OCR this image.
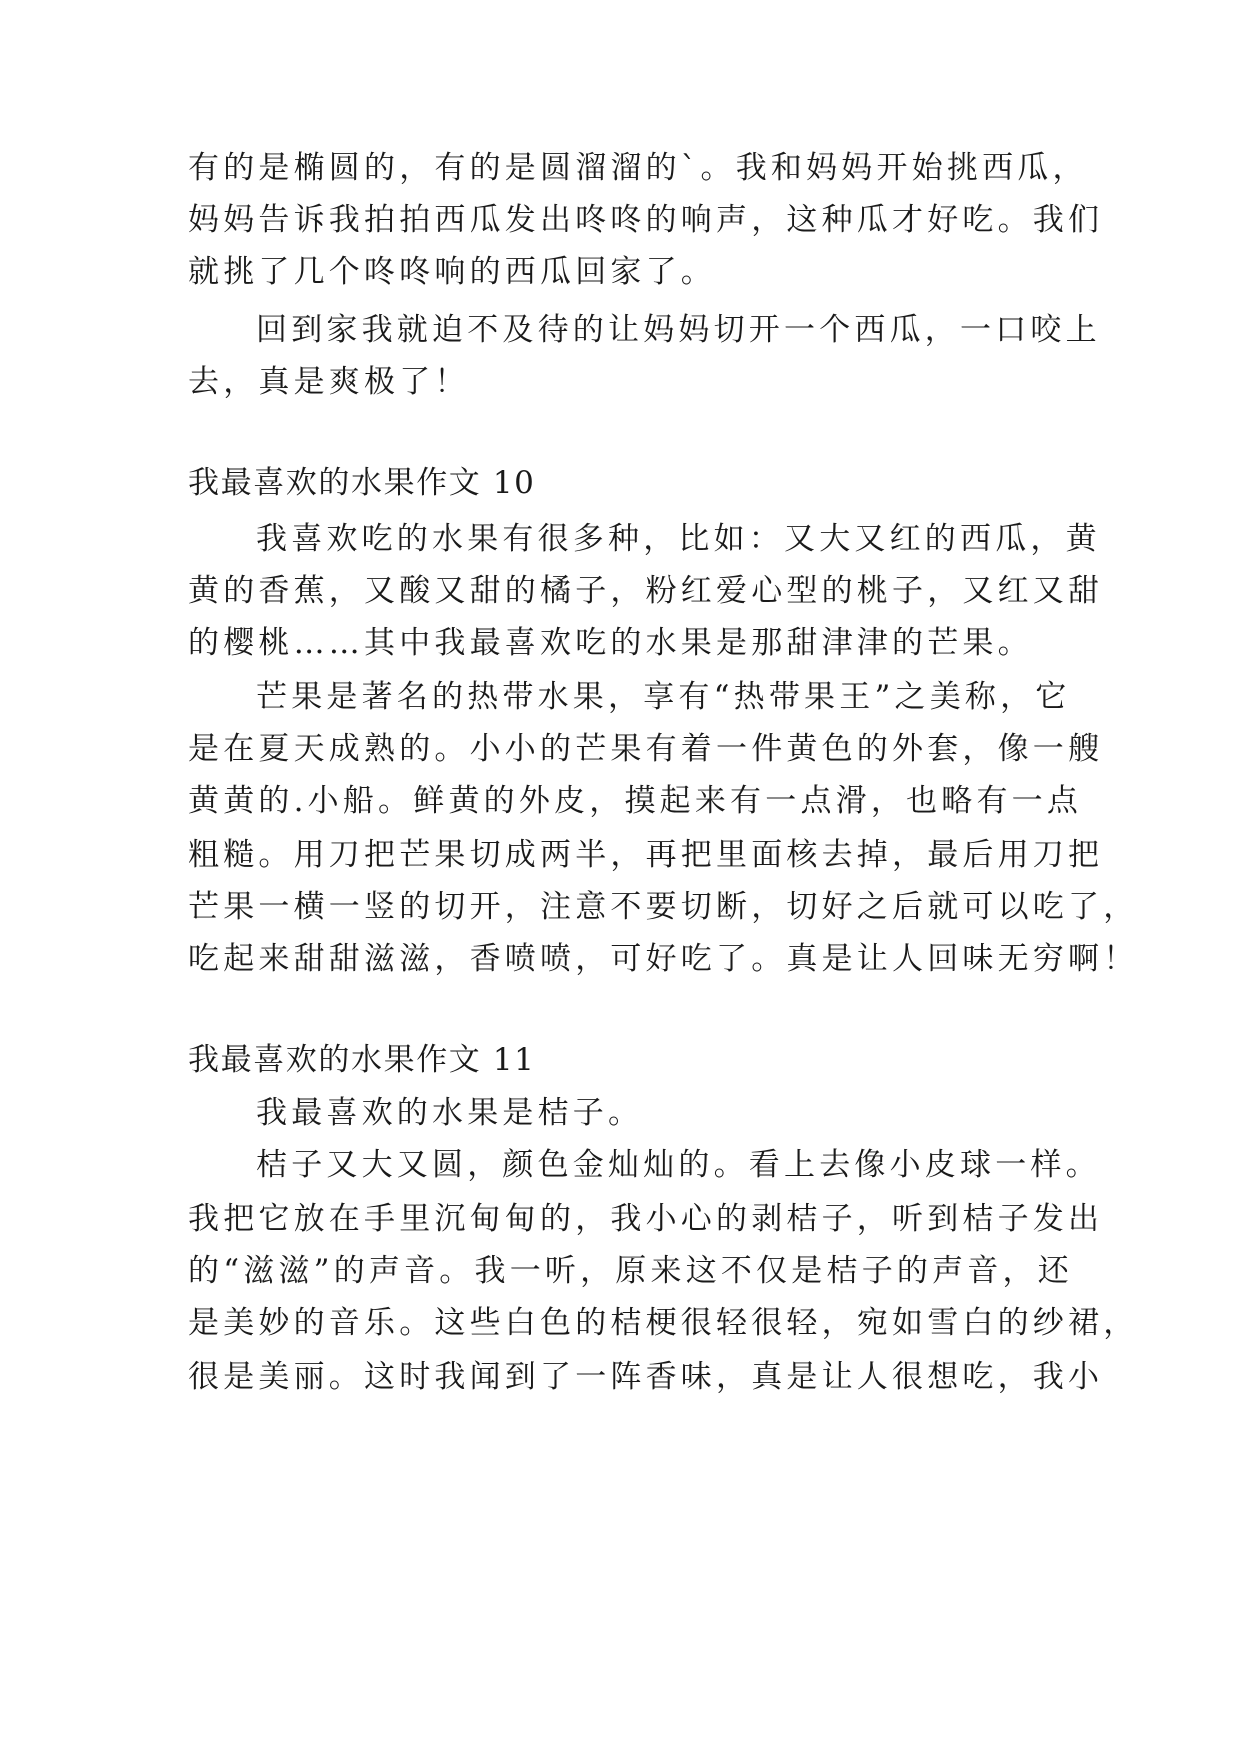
有的是椭圆的，有的是圆溜溜的`。我和妈妈开始挑西瓜，
妈妈告诉我拍拍西瓜发出咚咚的响声，这种瓜才好吃。我们
就挑了几个咚咚响的西瓜回家了。
回到家我就迫不及待的让妈妈切开一个西瓜，一口咬上
去，真是爽极了！
我最喜欢的水果作文 10
我喜欢吃的水果有很多种，比如：又大又红的西瓜，黄
黄的香蕉，又酸又甜的橘子，粉红爱心型的桃子，又红又甜
的樱桃……其中我最喜欢吃的水果是那甜津津的芒果。
芒果是著名的热带水果，享有“热带果王”之美称，它
是在夏天成熟的。小小的芒果有着一件黄色的外套，像一艘
黄黄的.小船。鲜黄的外皮，摸起来有一点滑，也略有一点
粗糙。用刀把芒果切成两半，再把里面核去掉，最后用刀把
芒果一横一竖的切开，注意不要切断，切好之后就可以吃了，
吃起来甜甜滋滋，香喷喷，可好吃了。真是让人回味无穷啊！
我最喜欢的水果作文 11
我最喜欢的水果是桔子。
桔子又大又圆，颜色金灿灿的。看上去像小皮球一样。
我把它放在手里沉甸甸的，我小心的剥桔子，听到桔子发出
的“滋滋”的声音。我一听，原来这不仅是桔子的声音，还
是美妙的音乐。这些白色的桔梗很轻很轻，宛如雪白的纱裙，
很是美丽。这时我闻到了一阵香味，真是让人很想吃，我小
